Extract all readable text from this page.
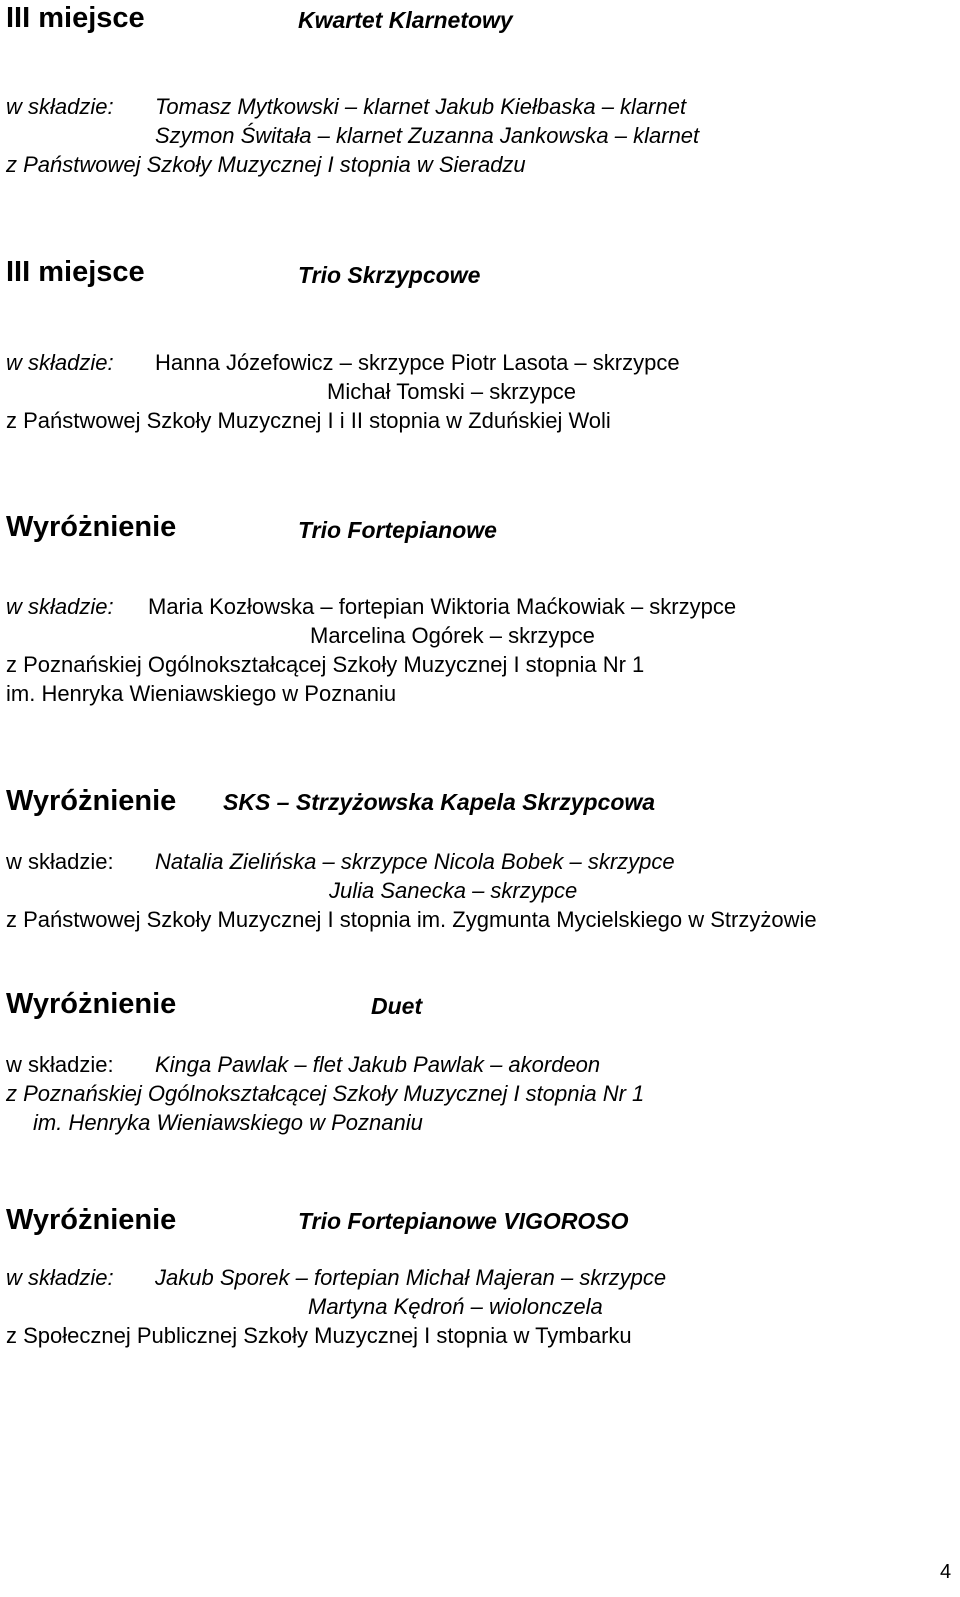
III miejsce	Kwartet Klarnetowy
w składzie: Tomasz Mytkowski – klarnet Jakub Kiełbaska – klarnet
Szymon Świtała – klarnet Zuzanna Jankowska – klarnet
z Państwowej Szkoły Muzycznej I stopnia w Sieradzu
III miejsce	Trio Skrzypcowe
w składzie: Hanna Józefowicz – skrzypce Piotr Lasota – skrzypce
Michał Tomski – skrzypce
z Państwowej Szkoły Muzycznej I i II stopnia w Zduńskiej Woli
Wyróżnienie	Trio Fortepianowe
w składzie: Maria Kozłowska – fortepian Wiktoria Maćkowiak – skrzypce
Marcelina Ogórek – skrzypce
z Poznańskiej Ogólnokształcącej Szkoły Muzycznej I stopnia Nr 1
im. Henryka Wieniawskiego w Poznaniu
Wyróżnienie SKS – Strzyżowska Kapela Skrzypcowa
w składzie: Natalia Zielińska – skrzypce Nicola Bobek – skrzypce
Julia Sanecka – skrzypce
z Państwowej Szkoły Muzycznej I stopnia im. Zygmunta Mycielskiego w Strzyżowie
Wyróżnienie	Duet
w składzie: Kinga Pawlak – flet Jakub Pawlak – akordeon
z Poznańskiej Ogólnokształcącej Szkoły Muzycznej I stopnia Nr 1
im. Henryka Wieniawskiego w Poznaniu
Wyróżnienie	Trio Fortepianowe VIGOROSO
w składzie: Jakub Sporek – fortepian Michał Majeran – skrzypce
Martyna Kędroń – wiolonczela
z Społecznej Publicznej Szkoły Muzycznej I stopnia w Tymbarku
4
